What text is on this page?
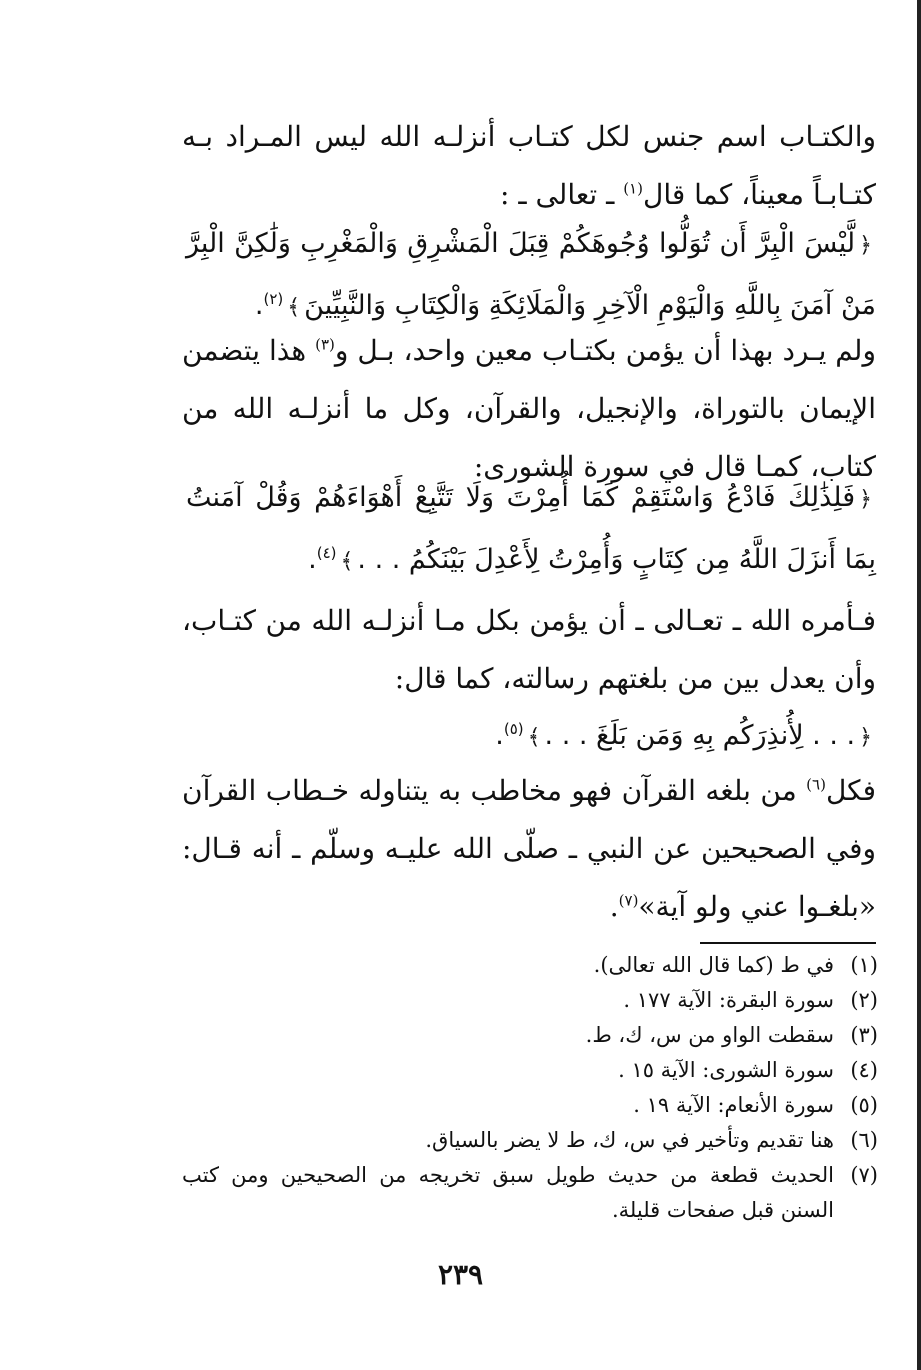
والكتـاب اسم جنس لكل كتـاب أنزلـه الله ليس المـراد بـه كتـابـاً معيناً، كما قال$^{(١)}$ ـ تعالى ـ :
﴿لَّيْسَ الْبِرَّ أَن تُوَلُّوا وُجُوهَكُمْ قِبَلَ الْمَشْرِقِ وَالْمَغْرِبِ وَلَٰكِنَّ الْبِرَّ مَنْ آمَنَ بِاللَّهِ وَالْيَوْمِ الْآخِرِ وَالْمَلَائِكَةِ وَالْكِتَابِ وَالنَّبِيِّينَ﴾$^{(٢)}$.
ولم يـرد بهذا أن يؤمن بكتـاب معين واحد، بـل و$^{(٣)}$ هذا يتضمن الإيمان بالتوراة، والإنجيل، والقرآن، وكل ما أنزلـه الله من كتاب، كمـا قال في سورة الشورى:
﴿فَلِذَٰلِكَ فَادْعُ وَاسْتَقِمْ كَمَا أُمِرْتَ وَلَا تَتَّبِعْ أَهْوَاءَهُمْ وَقُلْ آمَنتُ بِمَا أَنزَلَ اللَّهُ مِن كِتَابٍ وَأُمِرْتُ لِأَعْدِلَ بَيْنَكُمُ . . .﴾$^{(٤)}$.
فـأمره الله ـ تعـالى ـ أن يؤمن بكل مـا أنزلـه الله من كتـاب، وأن يعدل بين من بلغتهم رسالته، كما قال:
﴿. . . لِأُنذِرَكُم بِهِ وَمَن بَلَغَ . . .﴾$^{(٥)}$.
فكل$^{(٦)}$ من بلغه القرآن فهو مخاطب به يتناوله خـطاب القرآن وفي الصحيحين عن النبي ـ صلّى الله عليـه وسلّم ـ أنه قـال: «بلغـوا عني ولو آية»$^{(٧)}$.
(١)
في ط (كما قال الله تعالى).
(٢)
سورة البقرة: الآية ١٧٧ .
(٣)
سقطت الواو من س، ك، ط.
(٤)
سورة الشورى: الآية ١٥ .
(٥)
سورة الأنعام: الآية ١٩ .
(٦)
هنا تقديم وتأخير في س، ك، ط لا يضر بالسياق.
(٧)
الحديث قطعة من حديث طويل سبق تخريجه من الصحيحين ومن كتب السنن قبل صفحات قليلة.
٢٣٩
